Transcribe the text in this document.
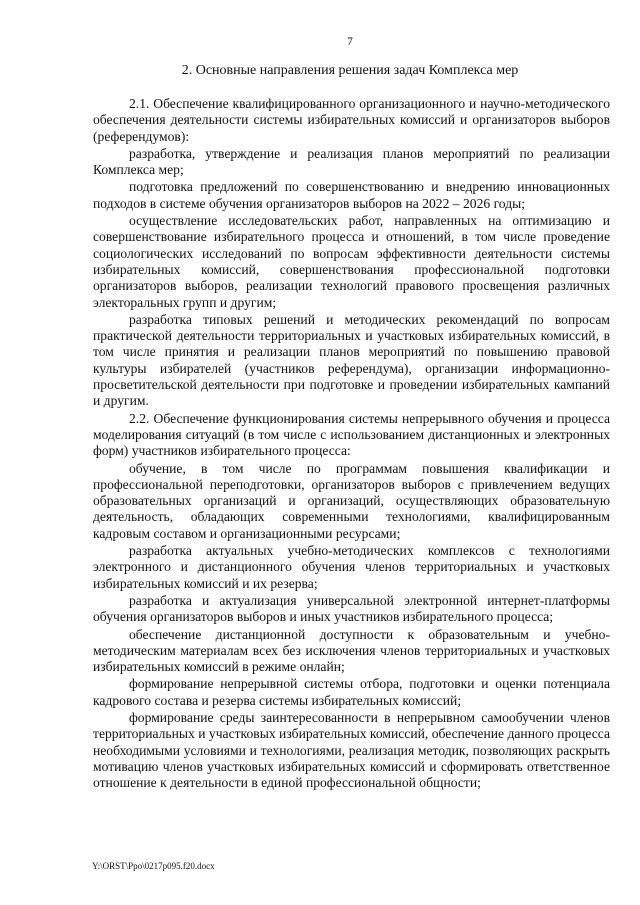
7
2. Основные направления решения задач Комплекса мер

2.1. Обеспечение квалифицированного организационного и научно-методического обеспечения деятельности системы избирательных комиссий и организаторов выборов (референдумов):

разработка, утверждение и реализация планов мероприятий по реализации Комплекса мер;

подготовка предложений по совершенствованию и внедрению инновационных подходов в системе обучения организаторов выборов на 2022 – 2026 годы;

осуществление исследовательских работ, направленных на оптимизацию и совершенствование избирательного процесса и отношений, в том числе проведение социологических исследований по вопросам эффективности деятельности системы избирательных комиссий, совершенствования профессиональной подготовки организаторов выборов, реализации технологий правового просвещения различных электоральных групп и другим;

разработка типовых решений и методических рекомендаций по вопросам практической деятельности территориальных и участковых избирательных комиссий, в том числе принятия и реализации планов мероприятий по повышению правовой культуры избирателей (участников референдума), организации информационно-просветительской деятельности при подготовке и проведении избирательных кампаний и другим.

2.2. Обеспечение функционирования системы непрерывного обучения и процесса моделирования ситуаций (в том числе с использованием дистанционных и электронных форм) участников избирательного процесса:

обучение, в том числе по программам повышения квалификации и профессиональной переподготовки, организаторов выборов с привлечением ведущих образовательных организаций и организаций, осуществляющих образовательную деятельность, обладающих современными технологиями, квалифицированным кадровым составом и организационными ресурсами;

разработка актуальных учебно-методических комплексов с технологиями электронного и дистанционного обучения членов территориальных и участковых избирательных комиссий и их резерва;

разработка и актуализация универсальной электронной интернет-платформы обучения организаторов выборов и иных участников избирательного процесса;

обеспечение дистанционной доступности к образовательным и учебно-методическим материалам всех без исключения членов территориальных и участковых избирательных комиссий в режиме онлайн;

формирование непрерывной системы отбора, подготовки и оценки потенциала кадрового состава и резерва системы избирательных комиссий;

формирование среды заинтересованности в непрерывном самообучении членов территориальных и участковых избирательных комиссий, обеспечение данного процесса необходимыми условиями и технологиями, реализация методик, позволяющих раскрыть мотивацию членов участковых избирательных комиссий и сформировать ответственное отношение к деятельности в единой профессиональной общности;

Y:\ORST\Ppo\0217p095.f20.docx
